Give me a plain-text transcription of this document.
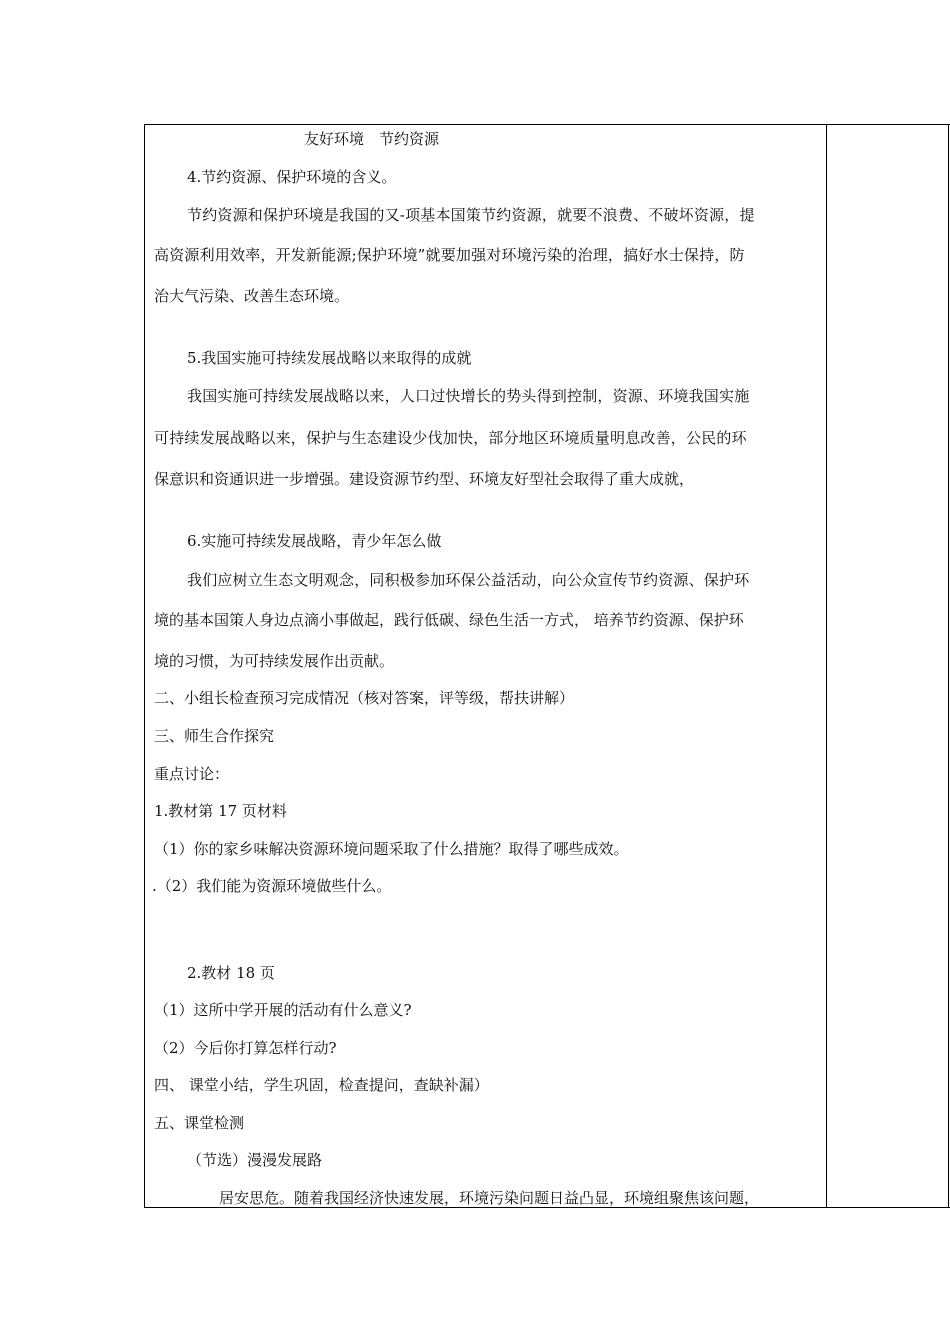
友好环境　节约资源
4.节约资源、保护环境的含义。
节约资源和保护环境是我国的又-项基本国策节约资源，就要不浪费、不破坏资源，提
高资源利用效率，开发新能源;保护环境”就要加强对环境污染的治理，搞好水士保持，防
治大气污染、改善生态环境。
5.我国实施可持续发展战略以来取得的成就
我国实施可持续发展战略以来，人口过快增长的势头得到控制，资源、环境我国实施
可持续发展战略以来，保护与生态建设少伐加快，部分地区环境质量明息改善，公民的环
保意识和资通识进一步增强。建设资源节约型、环境友好型社会取得了重大成就，
6.实施可持续发展战略，青少年怎么做
我们应树立生态文明观念，同积极参加环保公益活动，向公众宣传节约资源、保护环
境的基本国策人身边点滴小事做起，践行低碳、绿色生活一方式， 培养节约资源、保护环
境的习惯，为可持续发展作出贡献。
二、小组长检查预习完成情况（核对答案，评等级，帮扶讲解）
三、师生合作探究
重点讨论：
1.教材第 17 页材料
（1）你的家乡味解决资源环境问题采取了什么措施？取得了哪些成效。
.（2）我们能为资源环境做些什么。
2.教材 18 页
（1）这所中学开展的活动有什么意义?
（2）今后你打算怎样行动?
四、 课堂小结，学生巩固，检查提问，查缺补漏）
五、课堂检测
（节选）漫漫发展路
居安思危。随着我国经济快速发展，环境污染问题日益凸显，环境组聚焦该问题，
